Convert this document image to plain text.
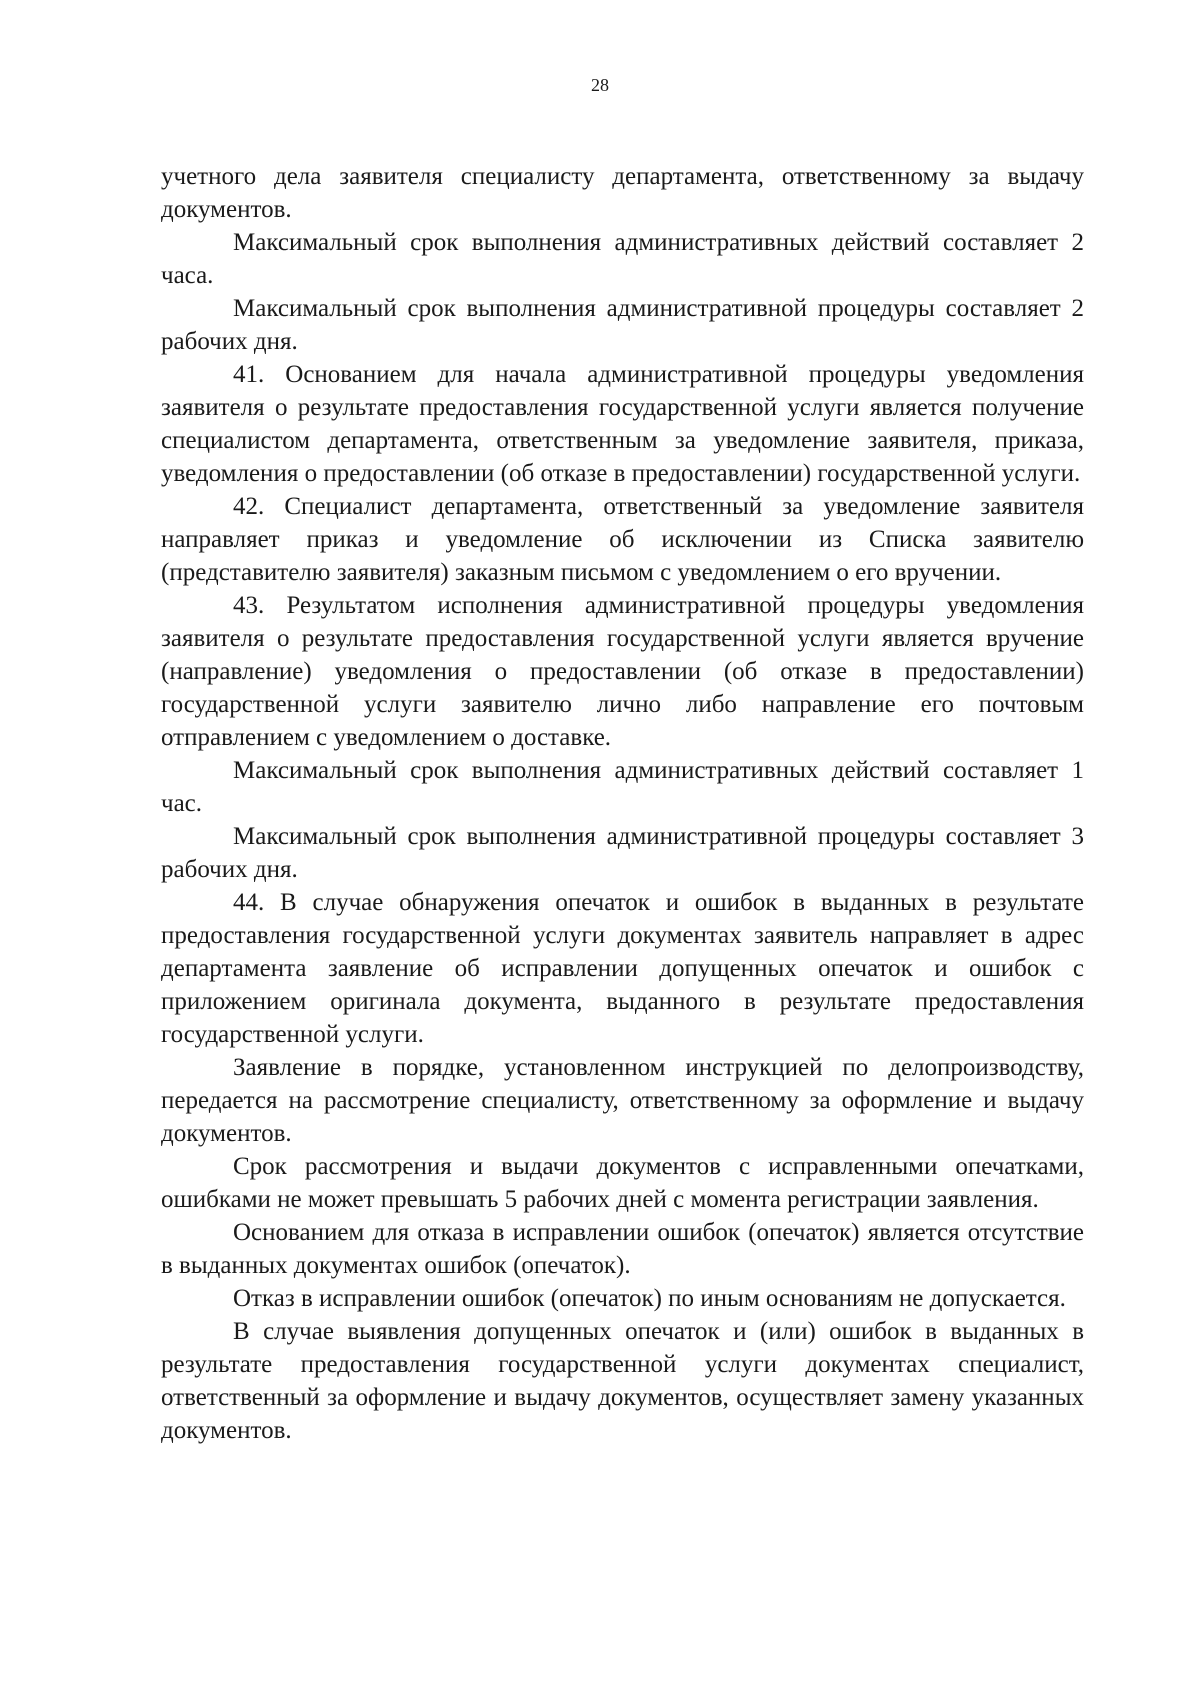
28

учетного дела заявителя специалисту департамента, ответственному за выдачу документов.

Максимальный срок выполнения административных действий составляет 2 часа.

Максимальный срок выполнения административной процедуры составляет 2 рабочих дня.

41. Основанием для начала административной процедуры уведомления заявителя о результате предоставления государственной услуги является получение специалистом департамента, ответственным за уведомление заявителя, приказа, уведомления о предоставлении (об отказе в предоставлении) государственной услуги.

42. Специалист департамента, ответственный за уведомление заявителя направляет приказ и уведомление об исключении из Списка заявителю (представителю заявителя) заказным письмом с уведомлением о его вручении.

43. Результатом исполнения административной процедуры уведомления заявителя о результате предоставления государственной услуги является вручение (направление) уведомления о предоставлении (об отказе в предоставлении) государственной услуги заявителю лично либо направление его почтовым отправлением с уведомлением о доставке.

Максимальный срок выполнения административных действий составляет 1 час.

Максимальный срок выполнения административной процедуры составляет 3 рабочих дня.

44. В случае обнаружения опечаток и ошибок в выданных в результате предоставления государственной услуги документах заявитель направляет в адрес департамента заявление об исправлении допущенных опечаток и ошибок с приложением оригинала документа, выданного в результате предоставления государственной услуги.

Заявление в порядке, установленном инструкцией по делопроизводству, передается на рассмотрение специалисту, ответственному за оформление и выдачу документов.

Срок рассмотрения и выдачи документов с исправленными опечатками, ошибками не может превышать 5 рабочих дней с момента регистрации заявления.

Основанием для отказа в исправлении ошибок (опечаток) является отсутствие в выданных документах ошибок (опечаток).

Отказ в исправлении ошибок (опечаток) по иным основаниям не допускается.

В случае выявления допущенных опечаток и (или) ошибок в выданных в результате предоставления государственной услуги документах специалист, ответственный за оформление и выдачу документов, осуществляет замену указанных документов.
